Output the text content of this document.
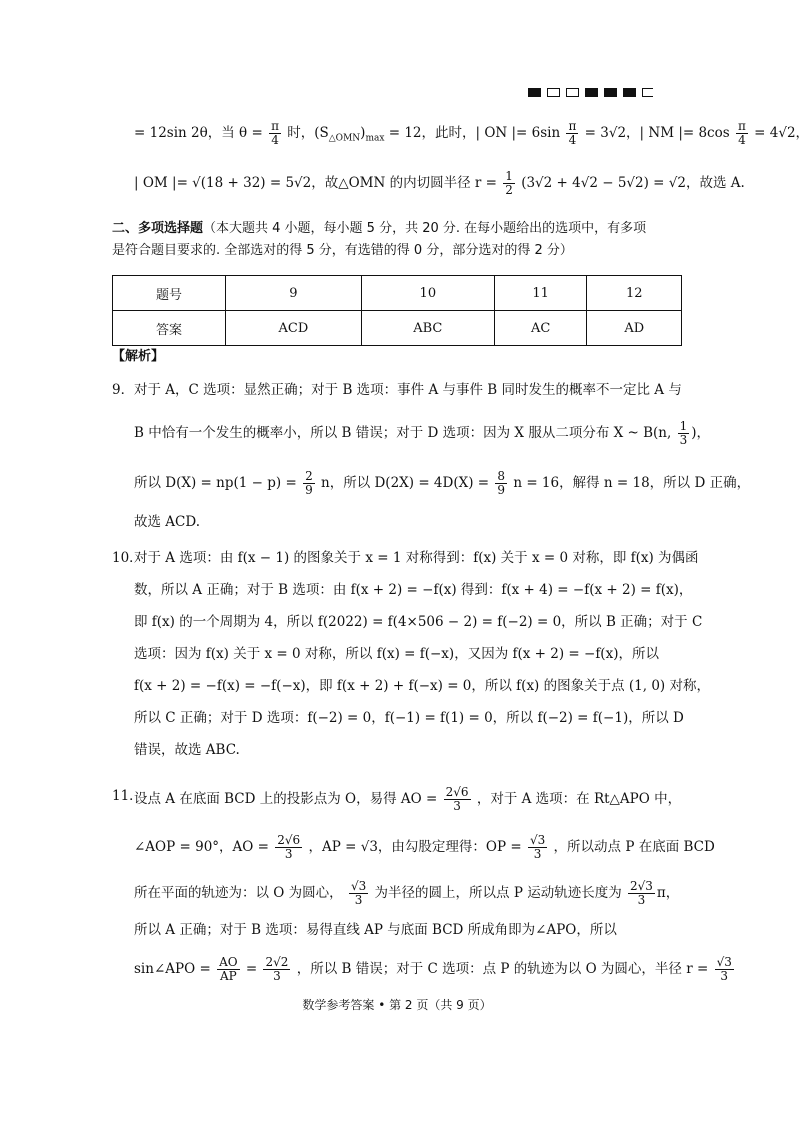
= 12sin 2θ，当 $\theta = \frac{\pi}{4}$ 时，$(S_{\triangle OMN})_{max} = 12$，此时，| ON |= $6\sin \frac{\pi}{4} = 3√2$，| NM |= $8\cos \frac{\pi}{4} = 4√2$，
| OM |= √(18 + 32) = 5√2，故△OMN 的内切圆半径 $r = \frac{1}{2} (3√2 + 4√2 - 5√2) = √2$，故选 A.
二、多项选择题（本大题共 4 小题，每小题 5 分，共 20 分. 在每小题给出的选项中，有多项
是符合题目要求的. 全部选对的得 5 分，有选错的得 0 分，部分选对的得 2 分）
题号	9	10	11	12
答案	ACD	ABC	AC	AD
【解析】
9． 对于 A，C 选项：显然正确；对于 B 选项：事件 A 与事件 B 同时发生的概率不一定比 A 与
B 中恰有一个发生的概率小，所以 B 错误；对于 D 选项：因为 X 服从二项分布 X ~ B(n, $\frac{1}{3}$ )，
所以 $D(X) = np(1 - p) = \frac{2}{9}$ n，所以 $D(2X) = 4D(X) = \frac{8}{9}$ n = 16，解得 n = 18，所以 D 正确，
故选 ACD.
10．
对于 A 选项：由 f(x − 1) 的图象关于 x = 1 对称得到：f(x) 关于 x = 0 对称，即 f(x) 为偶函
数，所以 A 正确；对于 B 选项：由 f(x + 2) = −f(x) 得到：f(x + 4) = −f(x + 2) = f(x)，
即 f(x) 的一个周期为 4，所以 f(2022) = f(4×506 − 2) = f(−2) = 0，所以 B 正确；对于 C
选项：因为 f(x) 关于 x = 0 对称，所以 f(x) = f(−x)，又因为 f(x + 2) = −f(x)，所以
f(x + 2) = −f(x) = −f(−x)，即 f(x + 2) + f(−x) = 0，所以 f(x) 的图象关于点 (1, 0) 对称，
所以 C 正确；对于 D 选项：f(−2) = 0，f(−1) = f(1) = 0，所以 f(−2) = f(−1)，所以 D
错误，故选 ABC.
11．
设点 A 在底面 BCD 上的投影点为 O，易得 AO = $\frac{2√6}{3}$ ，对于 A 选项：在 Rt△APO 中，
∠AOP = 90°，AO = $\frac{2√6}{3}$ ，AP = √3，由勾股定理得：OP = $\frac{√3}{3}$ ，所以动点 P 在底面 BCD
所在平面的轨迹为：以 O 为圆心， $\frac{√3}{3}$ 为半径的圆上，所以点 P 运动轨迹长度为 $\frac{2√3}{3}$ π，
所以 A 正确；对于 B 选项：易得直线 AP 与底面 BCD 所成角即为∠APO，所以
sin∠APO = $\frac{AO}{AP} = \frac{2√2}{3}$ ，所以 B 错误；对于 C 选项：点 P 的轨迹为以 O 为圆心，半径 $r = \frac{√3}{3}$
数学参考答案 • 第 2 页（共 9 页）
